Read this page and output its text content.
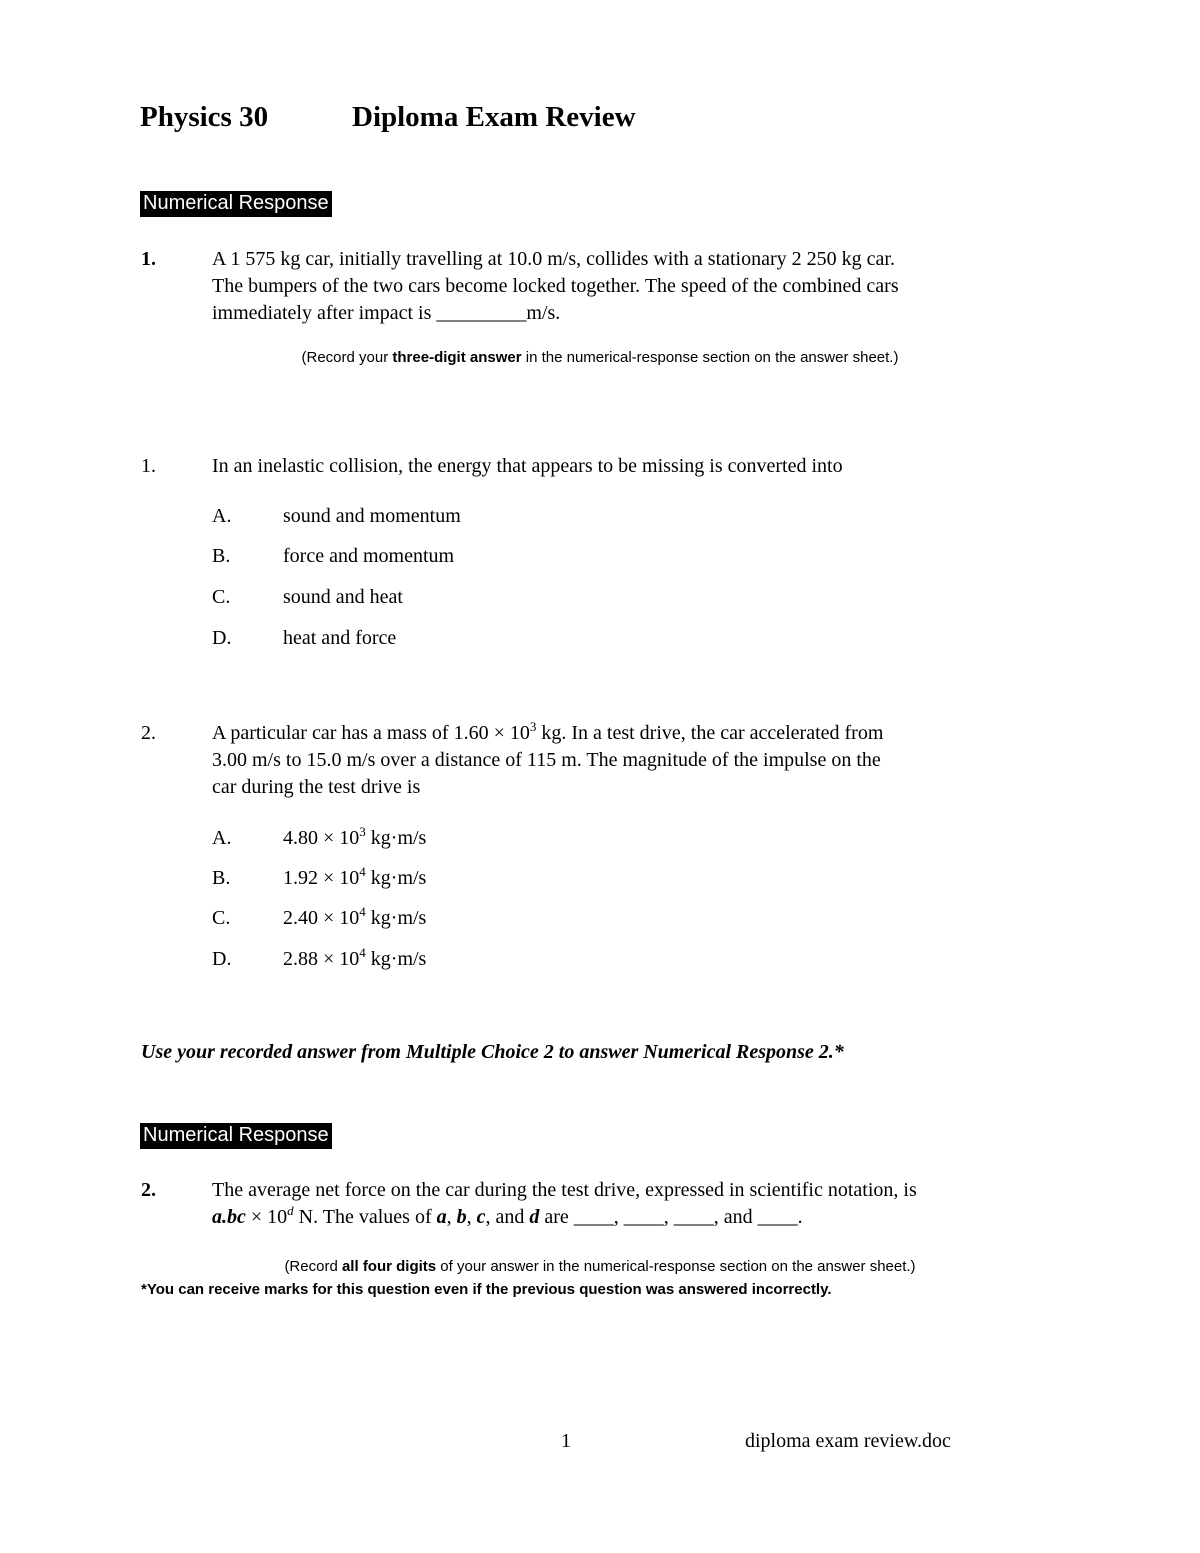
Physics 30	Diploma Exam Review
Numerical Response
1.	A 1 575 kg car, initially travelling at 10.0 m/s, collides with a stationary 2 250 kg car.
The bumpers of the two cars become locked together. The speed of the combined cars
immediately after impact is _________m/s.
(Record your three-digit answer in the numerical-response section on the answer sheet.)
1.	In an inelastic collision, the energy that appears to be missing is converted into
A.	sound and momentum
B.	force and momentum
C.	sound and heat
D.	heat and force
2.	A particular car has a mass of $1.60 \times 10^3$ kg. In a test drive, the car accelerated from
3.00 m/s to 15.0 m/s over a distance of 115 m. The magnitude of the impulse on the
car during the test drive is
A.	$4.80 \times 10^3$ kg·m/s
B.	$1.92 \times 10^4$ kg·m/s
C.	$2.40 \times 10^4$ kg·m/s
D.	$2.88 \times 10^4$ kg·m/s
Use your recorded answer from Multiple Choice 2 to answer Numerical Response 2.*
Numerical Response
2.	The average net force on the car during the test drive, expressed in scientific notation, is
$a.bc \times 10^d$ N. The values of a, b, c, and d are ____, ____, ____, and ____.
(Record all four digits of your answer in the numerical-response section on the answer sheet.)
*You can receive marks for this question even if the previous question was answered incorrectly.
1	diploma exam review.doc
